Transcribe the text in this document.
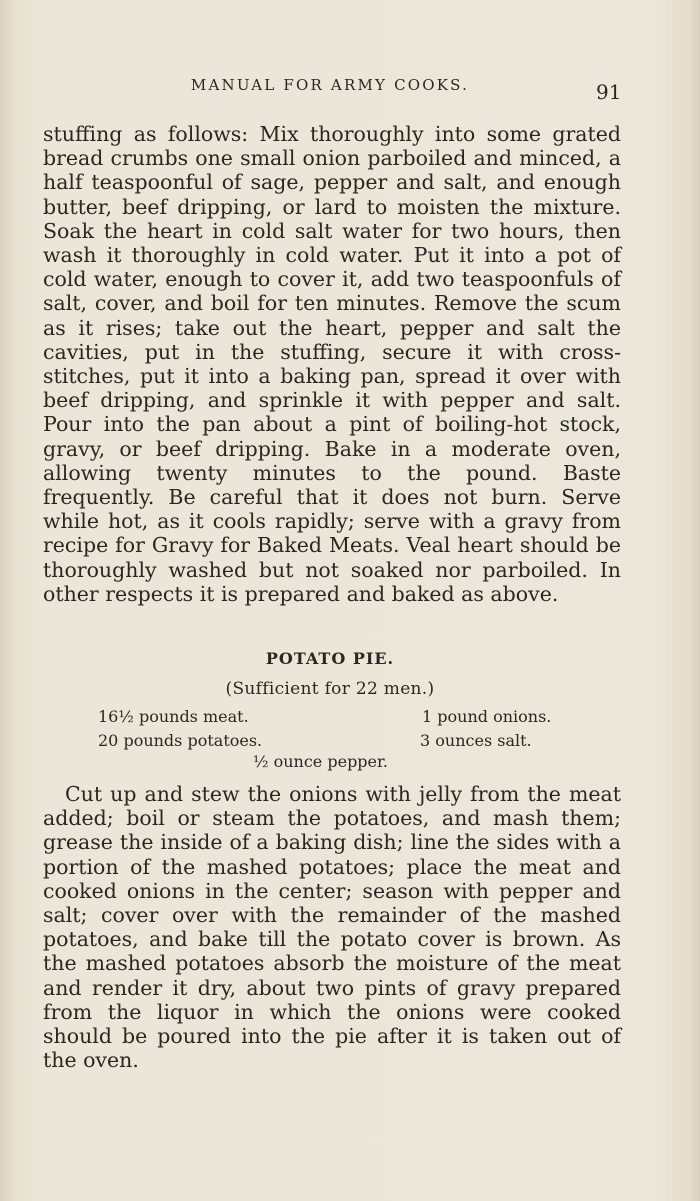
MANUAL FOR ARMY COOKS.	91

stuffing as follows: Mix thoroughly into some grated bread crumbs one small onion parboiled and minced, a half teaspoonful of sage, pepper and salt, and enough butter, beef dripping, or lard to moisten the mixture. Soak the heart in cold salt water for two hours, then wash it thoroughly in cold water. Put it into a pot of cold water, enough to cover it, add two teaspoonfuls of salt, cover, and boil for ten minutes. Remove the scum as it rises; take out the heart, pepper and salt the cavities, put in the stuffing, secure it with cross-stitches, put it into a baking pan, spread it over with beef dripping, and sprinkle it with pepper and salt. Pour into the pan about a pint of boiling-hot stock, gravy, or beef dripping. Bake in a moderate oven, allowing twenty minutes to the pound. Baste frequently. Be careful that it does not burn. Serve while hot, as it cools rapidly; serve with a gravy from recipe for Gravy for Baked Meats. Veal heart should be thoroughly washed but not soaked nor parboiled. In other respects it is prepared and baked as above.

POTATO PIE.
(Sufficient for 22 men.)
16½ pounds meat.	1 pound onions.
20 pounds potatoes.	3 ounces salt.
½ ounce pepper.

Cut up and stew the onions with jelly from the meat added; boil or steam the potatoes, and mash them; grease the inside of a baking dish; line the sides with a portion of the mashed potatoes; place the meat and cooked onions in the center; season with pepper and salt; cover over with the remainder of the mashed potatoes, and bake till the potato cover is brown. As the mashed potatoes absorb the moisture of the meat and render it dry, about two pints of gravy prepared from the liquor in which the onions were cooked should be poured into the pie after it is taken out of the oven.
